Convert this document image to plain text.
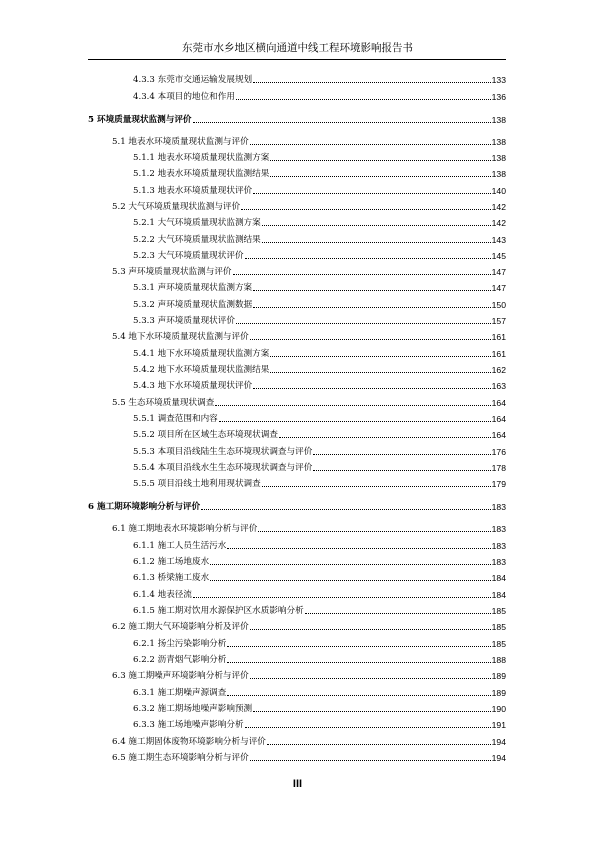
东莞市水乡地区横向通道中线工程环境影响报告书
4.3.3 东莞市交通运输发展规划	133
4.3.4 本项目的地位和作用	136
5 环境质量现状监测与评价	138
5.1 地表水环境质量现状监测与评价	138
5.1.1 地表水环境质量现状监测方案	138
5.1.2 地表水环境质量现状监测结果	138
5.1.3 地表水环境质量现状评价	140
5.2 大气环境质量现状监测与评价	142
5.2.1 大气环境质量现状监测方案	142
5.2.2 大气环境质量现状监测结果	143
5.2.3 大气环境质量现状评价	145
5.3 声环境质量现状监测与评价	147
5.3.1 声环境质量现状监测方案	147
5.3.2 声环境质量现状监测数据	150
5.3.3 声环境质量现状评价	157
5.4 地下水环境质量现状监测与评价	161
5.4.1 地下水环境质量现状监测方案	161
5.4.2 地下水环境质量现状监测结果	162
5.4.3 地下水环境质量现状评价	163
5.5 生态环境质量现状调查	164
5.5.1 调查范围和内容	164
5.5.2 项目所在区域生态环境现状调查	164
5.5.3 本项目沿线陆生生态环境现状调查与评价	176
5.5.4 本项目沿线水生生态环境现状调查与评价	178
5.5.5 项目沿线土地利用现状调查	179
6 施工期环境影响分析与评价	183
6.1 施工期地表水环境影响分析与评价	183
6.1.1 施工人员生活污水	183
6.1.2 施工场地废水	183
6.1.3 桥梁施工废水	184
6.1.4 地表径流	184
6.1.5 施工期对饮用水源保护区水质影响分析	185
6.2 施工期大气环境影响分析及评价	185
6.2.1 扬尘污染影响分析	185
6.2.2 沥青烟气影响分析	188
6.3 施工期噪声环境影响分析与评价	189
6.3.1 施工期噪声源调查	189
6.3.2 施工期场地噪声影响预测	190
6.3.3 施工场地噪声影响分析	191
6.4 施工期固体废物环境影响分析与评价	194
6.5 施工期生态环境影响分析与评价	194
III
